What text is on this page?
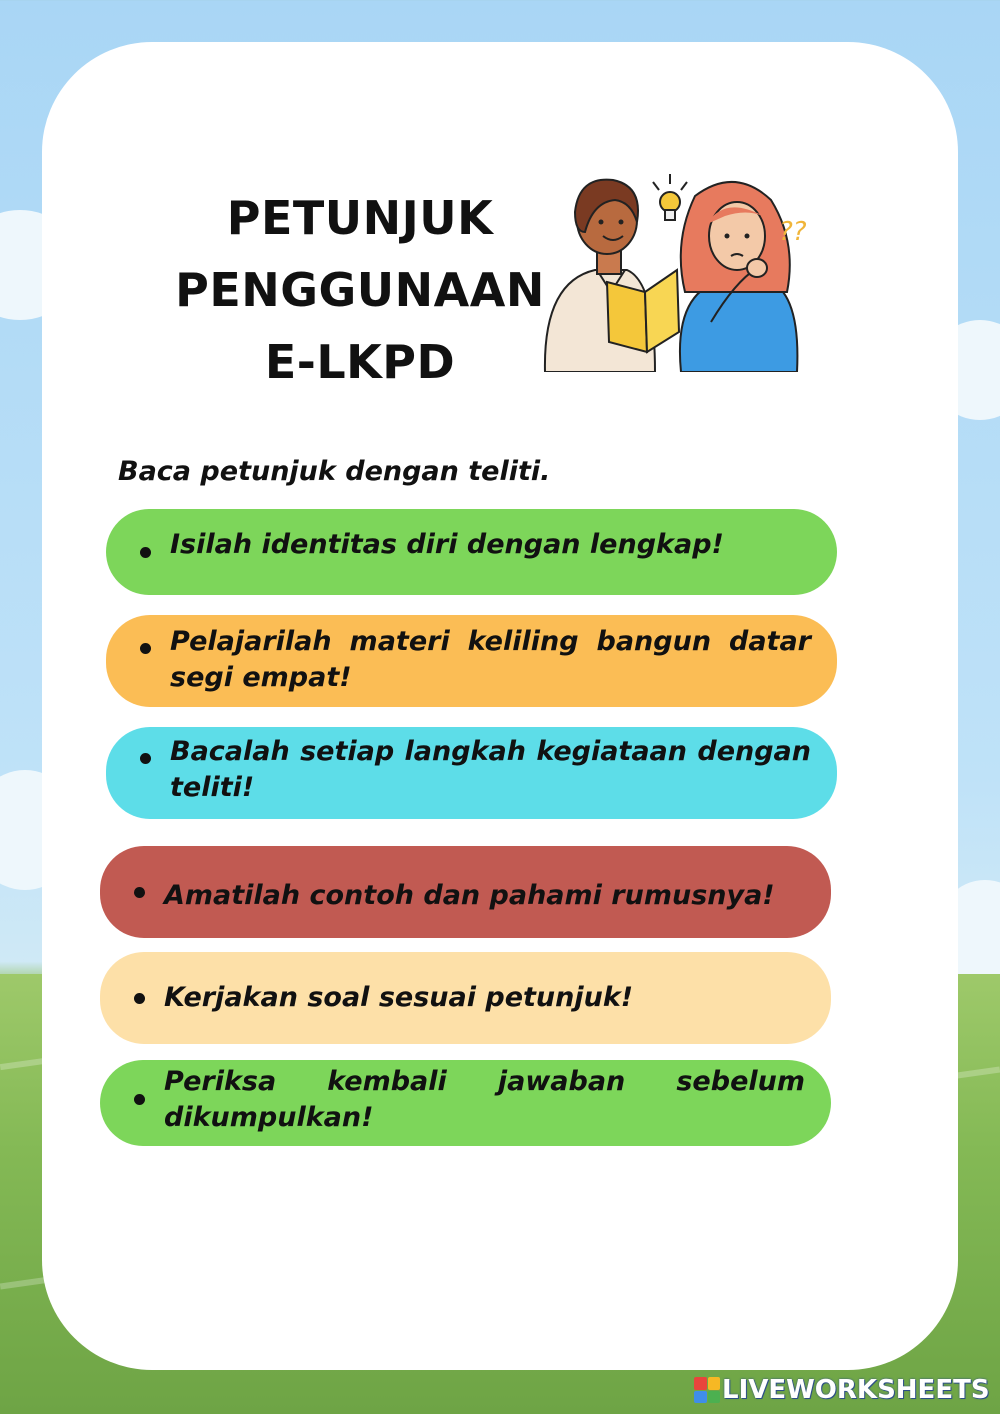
PETUNJUK
PENGGUNAAN
E-LKPD
??
Baca petunjuk dengan teliti.
Isilah identitas diri dengan lengkap!
Pelajarilah materi keliling bangun datar segi empat!
Bacalah setiap langkah kegiataan dengan teliti!
Amatilah contoh dan pahami rumusnya!
Kerjakan soal sesuai petunjuk!
Periksa kembali jawaban sebelum dikumpulkan!
LIVEWORKSHEETS
